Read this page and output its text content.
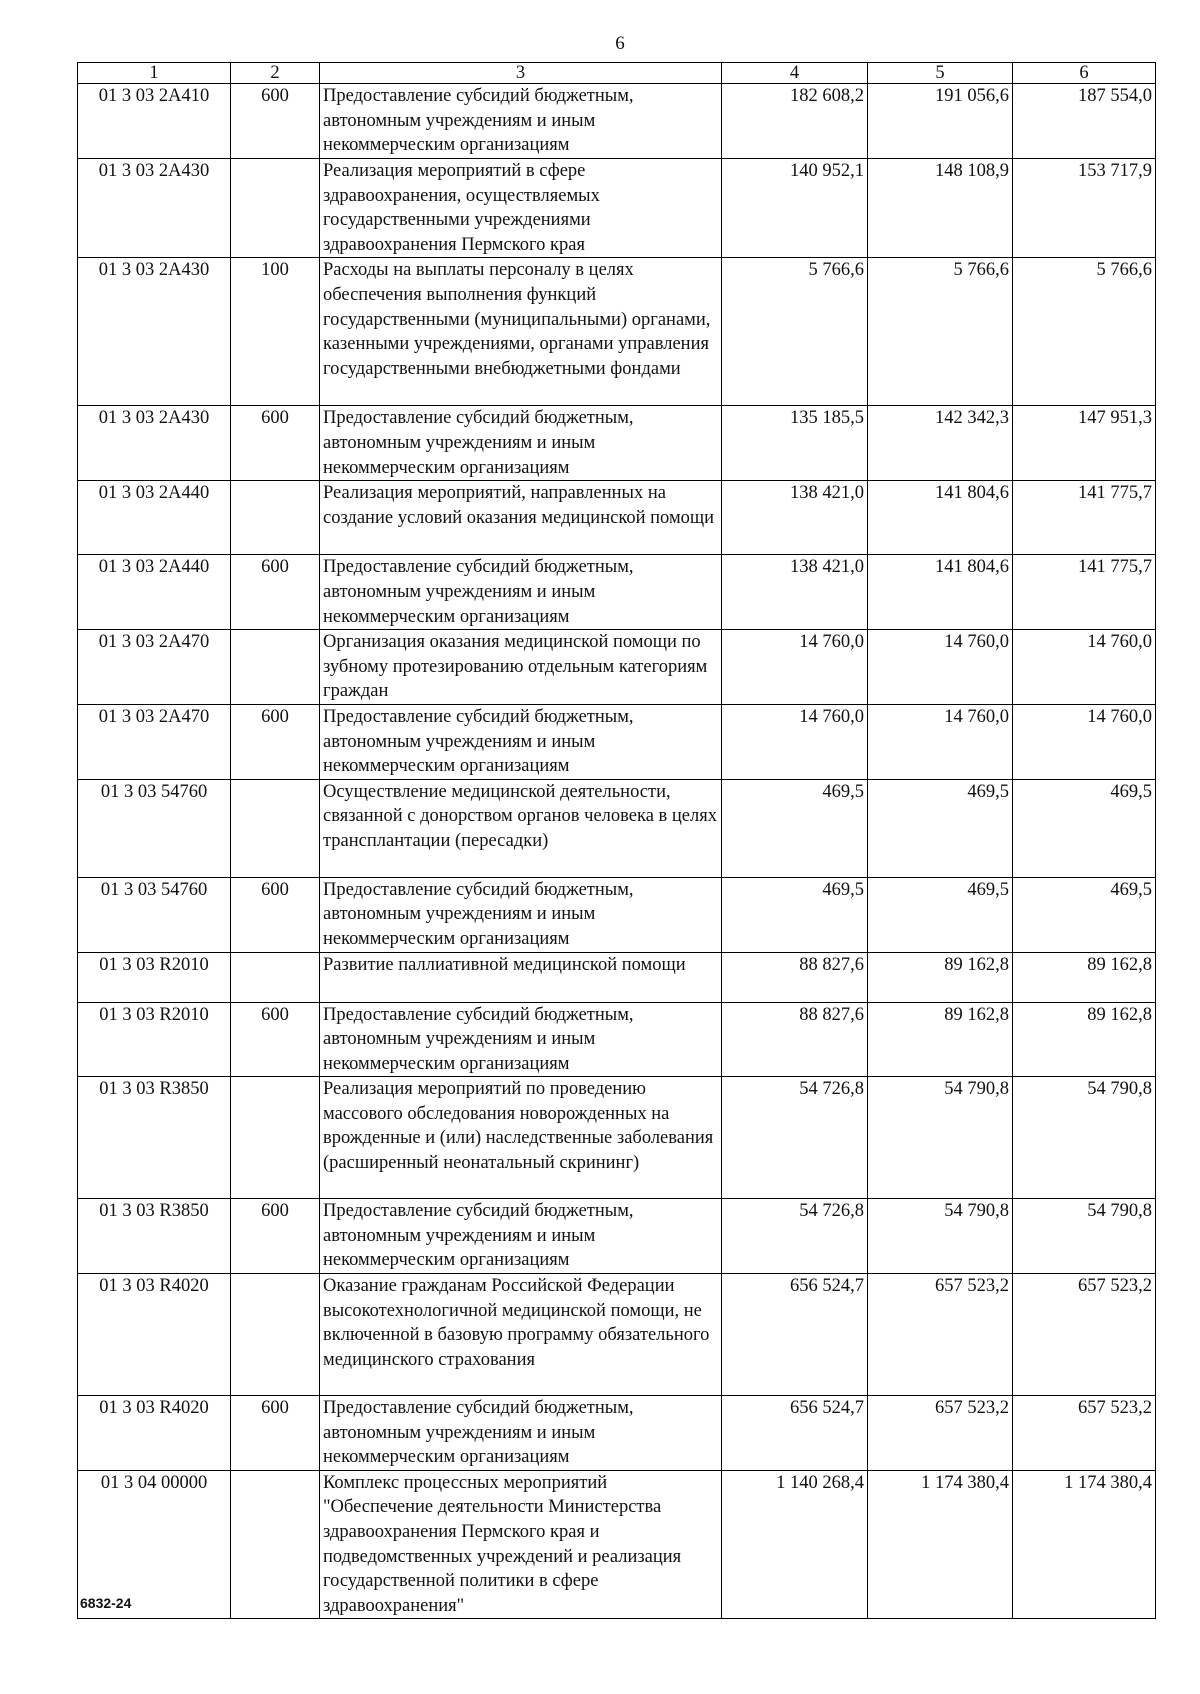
6
1	2	3	4	5	6
01 3 03 2А410	600	Предоставление субсидий бюджетным, автономным учреждениям и иным некоммерческим организациям	182 608,2	191 056,6	187 554,0
01 3 03 2А430		Реализация мероприятий в сфере здравоохранения, осуществляемых государственными учреждениями здравоохранения Пермского края	140 952,1	148 108,9	153 717,9
01 3 03 2А430	100	Расходы на выплаты персоналу в целях обеспечения выполнения функций государственными (муниципальными) органами, казенными учреждениями, органами управления государственными внебюджетными фондами	5 766,6	5 766,6	5 766,6
01 3 03 2А430	600	Предоставление субсидий бюджетным, автономным учреждениям и иным некоммерческим организациям	135 185,5	142 342,3	147 951,3
01 3 03 2А440		Реализация мероприятий, направленных на создание условий оказания медицинской помощи	138 421,0	141 804,6	141 775,7
01 3 03 2А440	600	Предоставление субсидий бюджетным, автономным учреждениям и иным некоммерческим организациям	138 421,0	141 804,6	141 775,7
01 3 03 2А470		Организация оказания медицинской помощи по зубному протезированию отдельным категориям граждан	14 760,0	14 760,0	14 760,0
01 3 03 2А470	600	Предоставление субсидий бюджетным, автономным учреждениям и иным некоммерческим организациям	14 760,0	14 760,0	14 760,0
01 3 03 54760		Осуществление медицинской деятельности, связанной с донорством органов человека в целях трансплантации (пересадки)	469,5	469,5	469,5
01 3 03 54760	600	Предоставление субсидий бюджетным, автономным учреждениям и иным некоммерческим организациям	469,5	469,5	469,5
01 3 03 R2010		Развитие паллиативной медицинской помощи	88 827,6	89 162,8	89 162,8
01 3 03 R2010	600	Предоставление субсидий бюджетным, автономным учреждениям и иным некоммерческим организациям	88 827,6	89 162,8	89 162,8
01 3 03 R3850		Реализация мероприятий по проведению массового обследования новорожденных на врожденные и (или) наследственные заболевания (расширенный неонатальный скрининг)	54 726,8	54 790,8	54 790,8
01 3 03 R3850	600	Предоставление субсидий бюджетным, автономным учреждениям и иным некоммерческим организациям	54 726,8	54 790,8	54 790,8
01 3 03 R4020		Оказание гражданам Российской Федерации высокотехнологичной медицинской помощи, не включенной в базовую программу обязательного медицинского страхования	656 524,7	657 523,2	657 523,2
01 3 03 R4020	600	Предоставление субсидий бюджетным, автономным учреждениям и иным некоммерческим организациям	656 524,7	657 523,2	657 523,2
01 3 04 00000		Комплекс процессных мероприятий "Обеспечение деятельности Министерства здравоохранения Пермского края и подведомственных учреждений и реализация государственной политики в сфере здравоохранения"	1 140 268,4	1 174 380,4	1 174 380,4
6832-24
